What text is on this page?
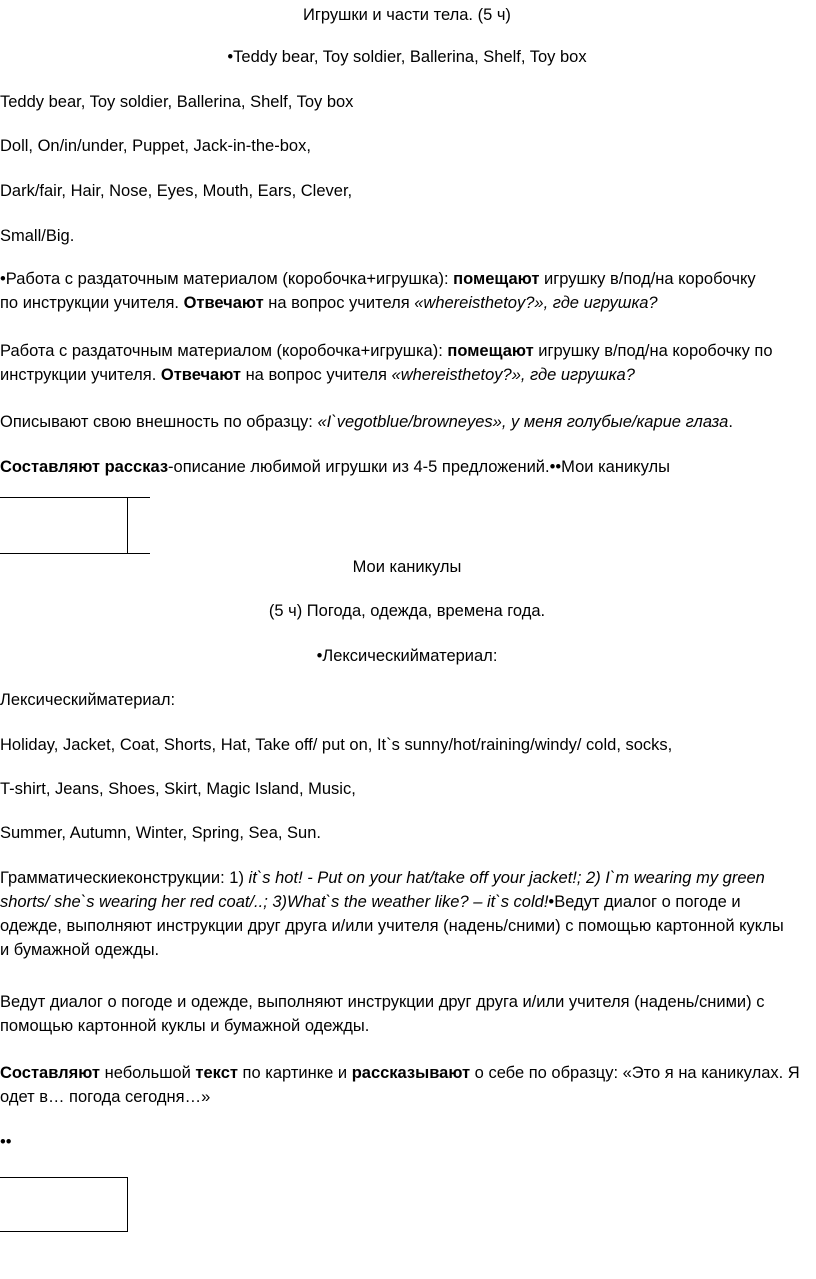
Игрушки и части тела. (5 ч)
•Teddy bear, Toy soldier, Ballerina, Shelf, Toy box
Teddy bear, Toy soldier, Ballerina, Shelf, Toy box
Doll, On/in/under, Puppet, Jack-in-the-box,
Dark/fair, Hair, Nose, Eyes, Mouth, Ears, Clever,
Small/Big.
•Работа с раздаточным материалом (коробочка+игрушка): помещают игрушку в/под/на коробочку по инструкции учителя. Отвечают на вопрос учителя «whereisthetoy?», где игрушка?
Работа с раздаточным материалом (коробочка+игрушка): помещают игрушку в/под/на коробочку по инструкции учителя. Отвечают на вопрос учителя «whereisthetoy?», где игрушка?
Описывают свою внешность по образцу: «I`vegotblue/browneyes», у меня голубые/карие глаза.
Составляют рассказ-описание любимой игрушки из 4-5 предложений.••Мои каникулы
Мои каникулы
(5 ч) Погода, одежда, времена года.
•Лексическийматериал:
Лексическийматериал:
Holiday, Jacket, Coat, Shorts, Hat, Take off/ put on, It`s sunny/hot/raining/windy/ cold, socks,
T-shirt, Jeans, Shoes, Skirt, Magic Island, Music,
Summer, Autumn, Winter, Spring, Sea, Sun.
Грамматическиеконструкции: 1) it`s hot! - Put on your hat/take off your jacket!; 2) I`m wearing my green shorts/ she`s wearing her red coat/..; 3)What`s the weather like? – it`s cold!•Ведут диалог о погоде и одежде, выполняют инструкции друг друга и/или учителя (надень/сними) с помощью картонной куклы и бумажной одежды.
Ведут диалог о погоде и одежде, выполняют инструкции друг друга и/или учителя (надень/сними) с помощью картонной куклы и бумажной одежды.
Составляют небольшой текст по картинке и рассказывают о себе по образцу: «Это я на каникулах. Я одет в… погода сегодня…»
••
